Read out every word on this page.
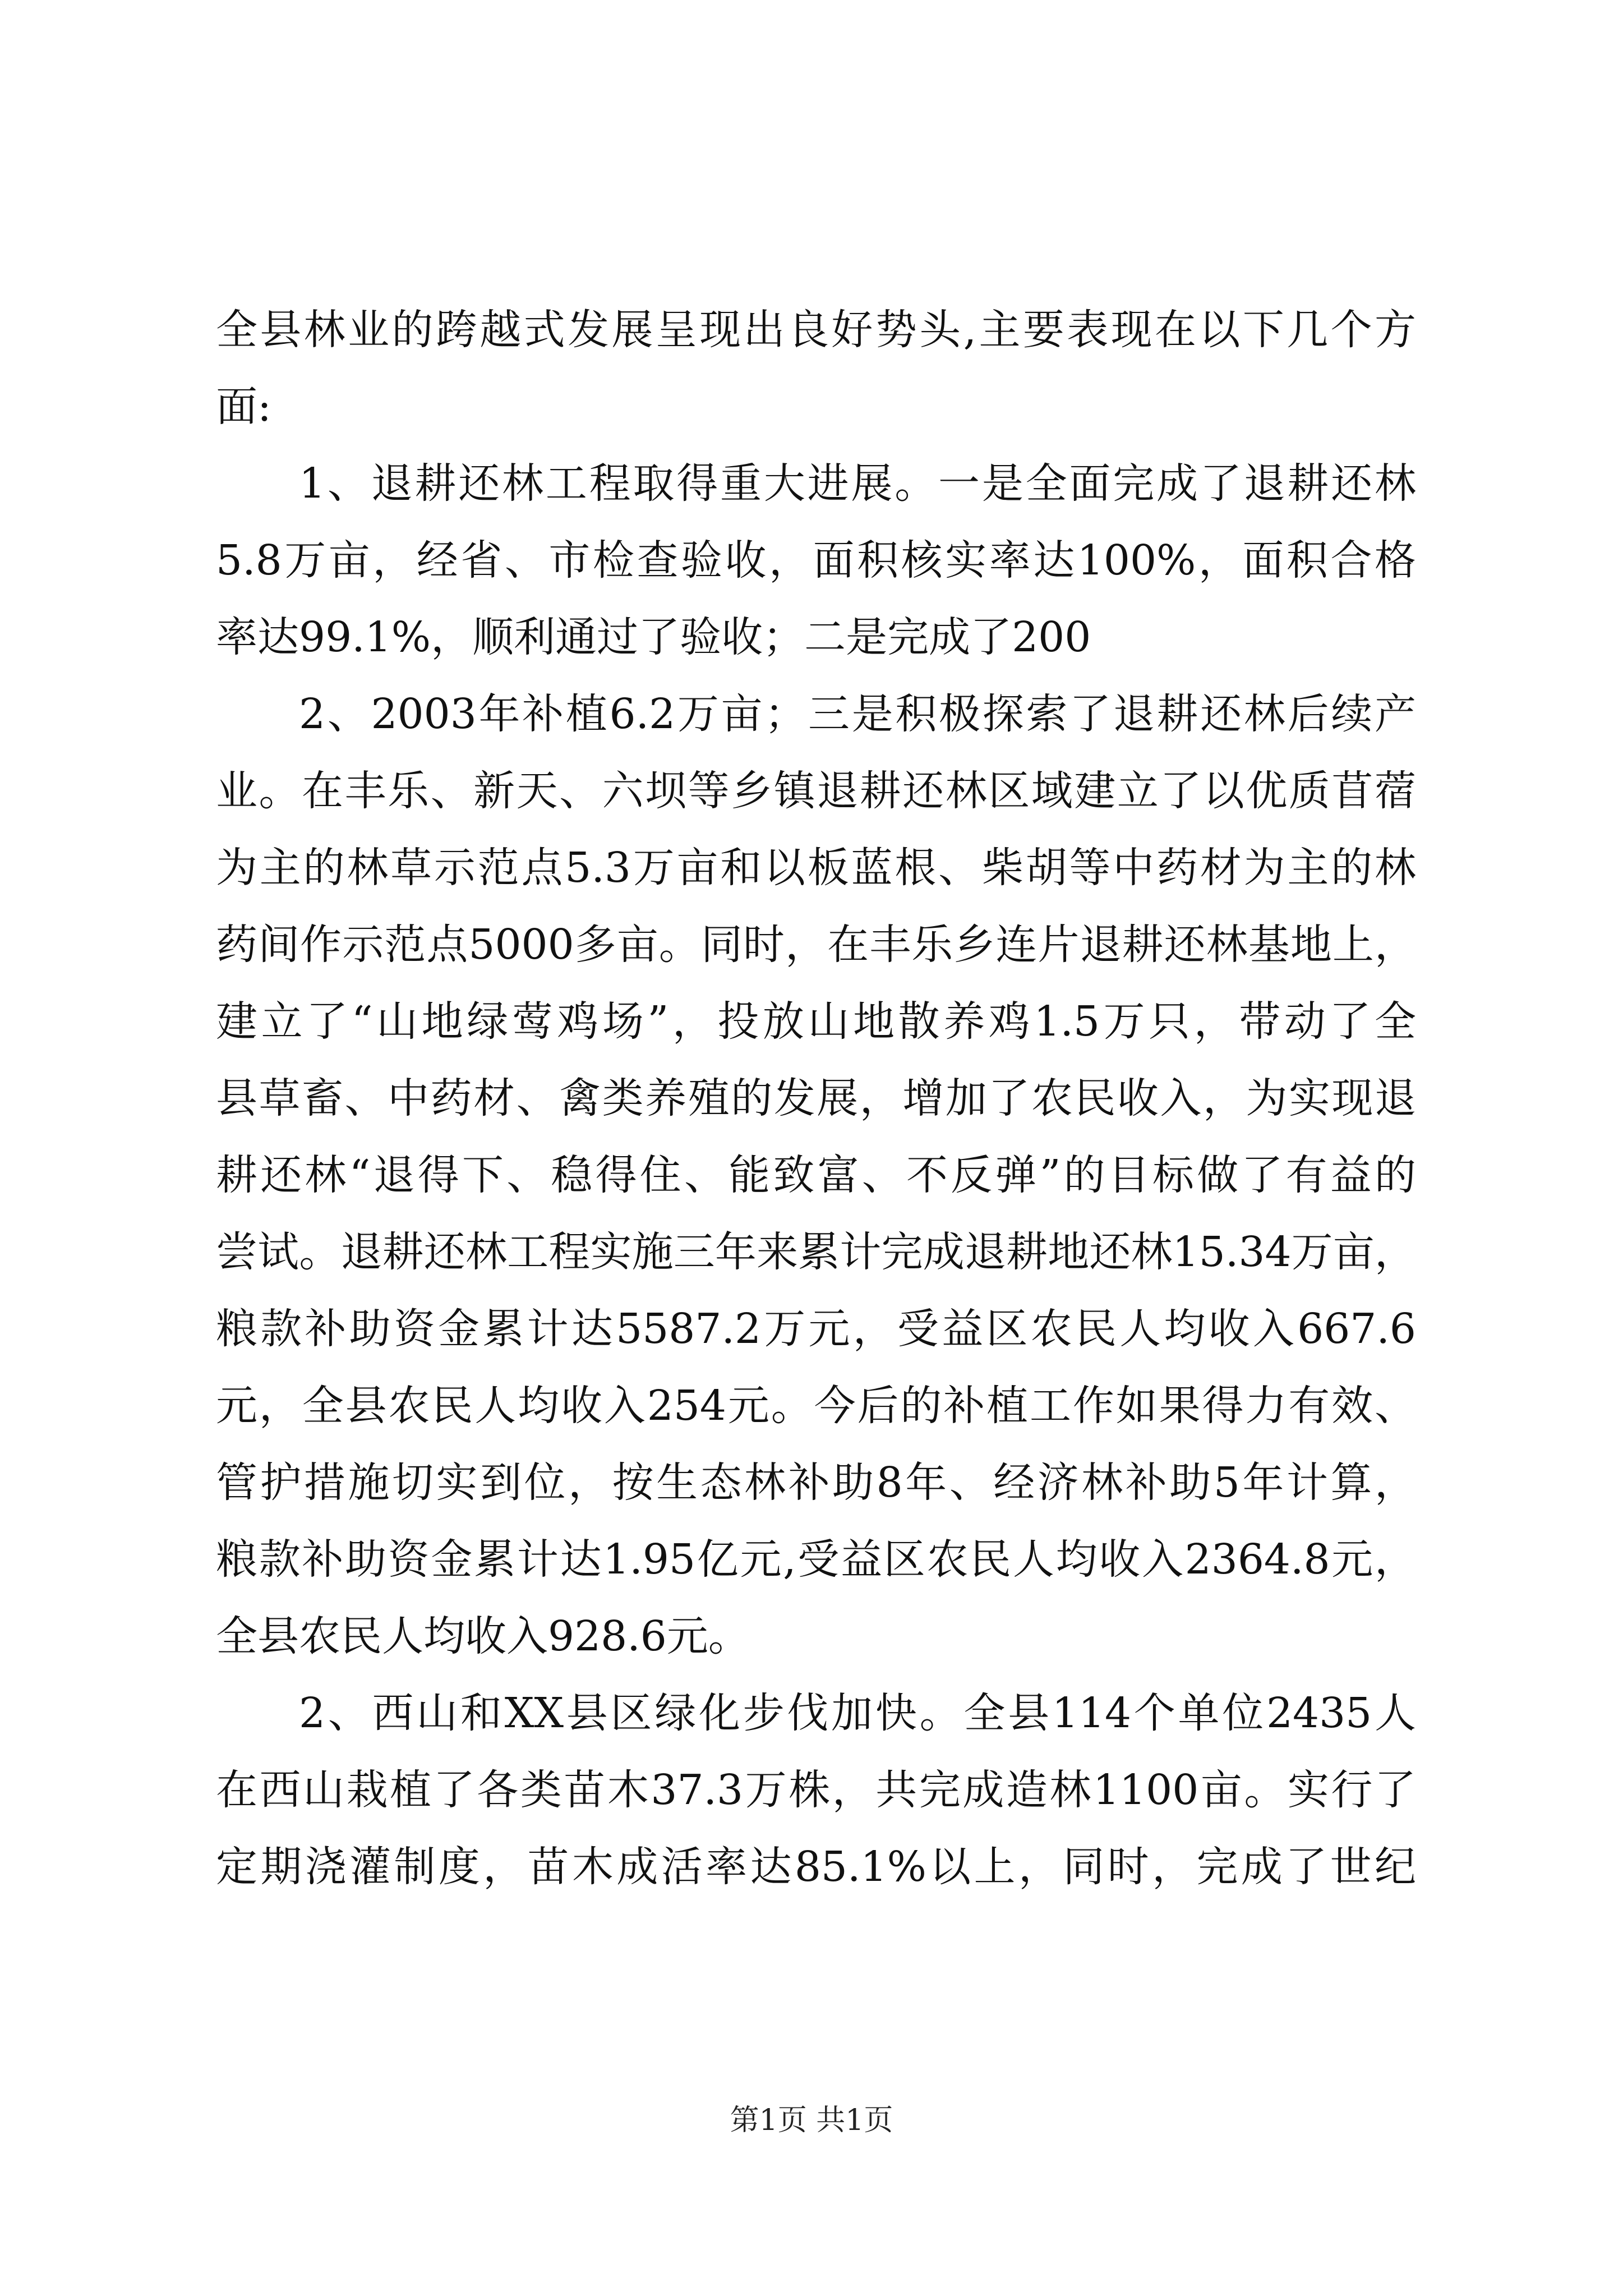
全县林业的跨越式发展呈现出良好势头,主要表现在以下几个方
面:
1、退耕还林工程取得重大进展。一是全面完成了退耕还林
5.8万亩，经省、市检查验收，面积核实率达100%，面积合格
率达99.1%，顺利通过了验收；二是完成了200
2、2003年补植6.2万亩；三是积极探索了退耕还林后续产
业。在丰乐、新天、六坝等乡镇退耕还林区域建立了以优质苜蓿
为主的林草示范点5.3万亩和以板蓝根、柴胡等中药材为主的林
药间作示范点5000多亩。同时，在丰乐乡连片退耕还林基地上，
建立了“山地绿莺鸡场”，投放山地散养鸡1.5万只，带动了全
县草畜、中药材、禽类养殖的发展，增加了农民收入，为实现退
耕还林“退得下、稳得住、能致富、不反弹”的目标做了有益的
尝试。退耕还林工程实施三年来累计完成退耕地还林15.34万亩，
粮款补助资金累计达5587.2万元，受益区农民人均收入667.6
元，全县农民人均收入254元。今后的补植工作如果得力有效、
管护措施切实到位，按生态林补助8年、经济林补助5年计算，
粮款补助资金累计达1.95亿元,受益区农民人均收入2364.8元，
全县农民人均收入928.6元。
2、西山和XX县区绿化步伐加快。全县114个单位2435人
在西山栽植了各类苗木37.3万株，共完成造林1100亩。实行了
定期浇灌制度，苗木成活率达85.1%以上，同时，完成了世纪
第1页 共1页
